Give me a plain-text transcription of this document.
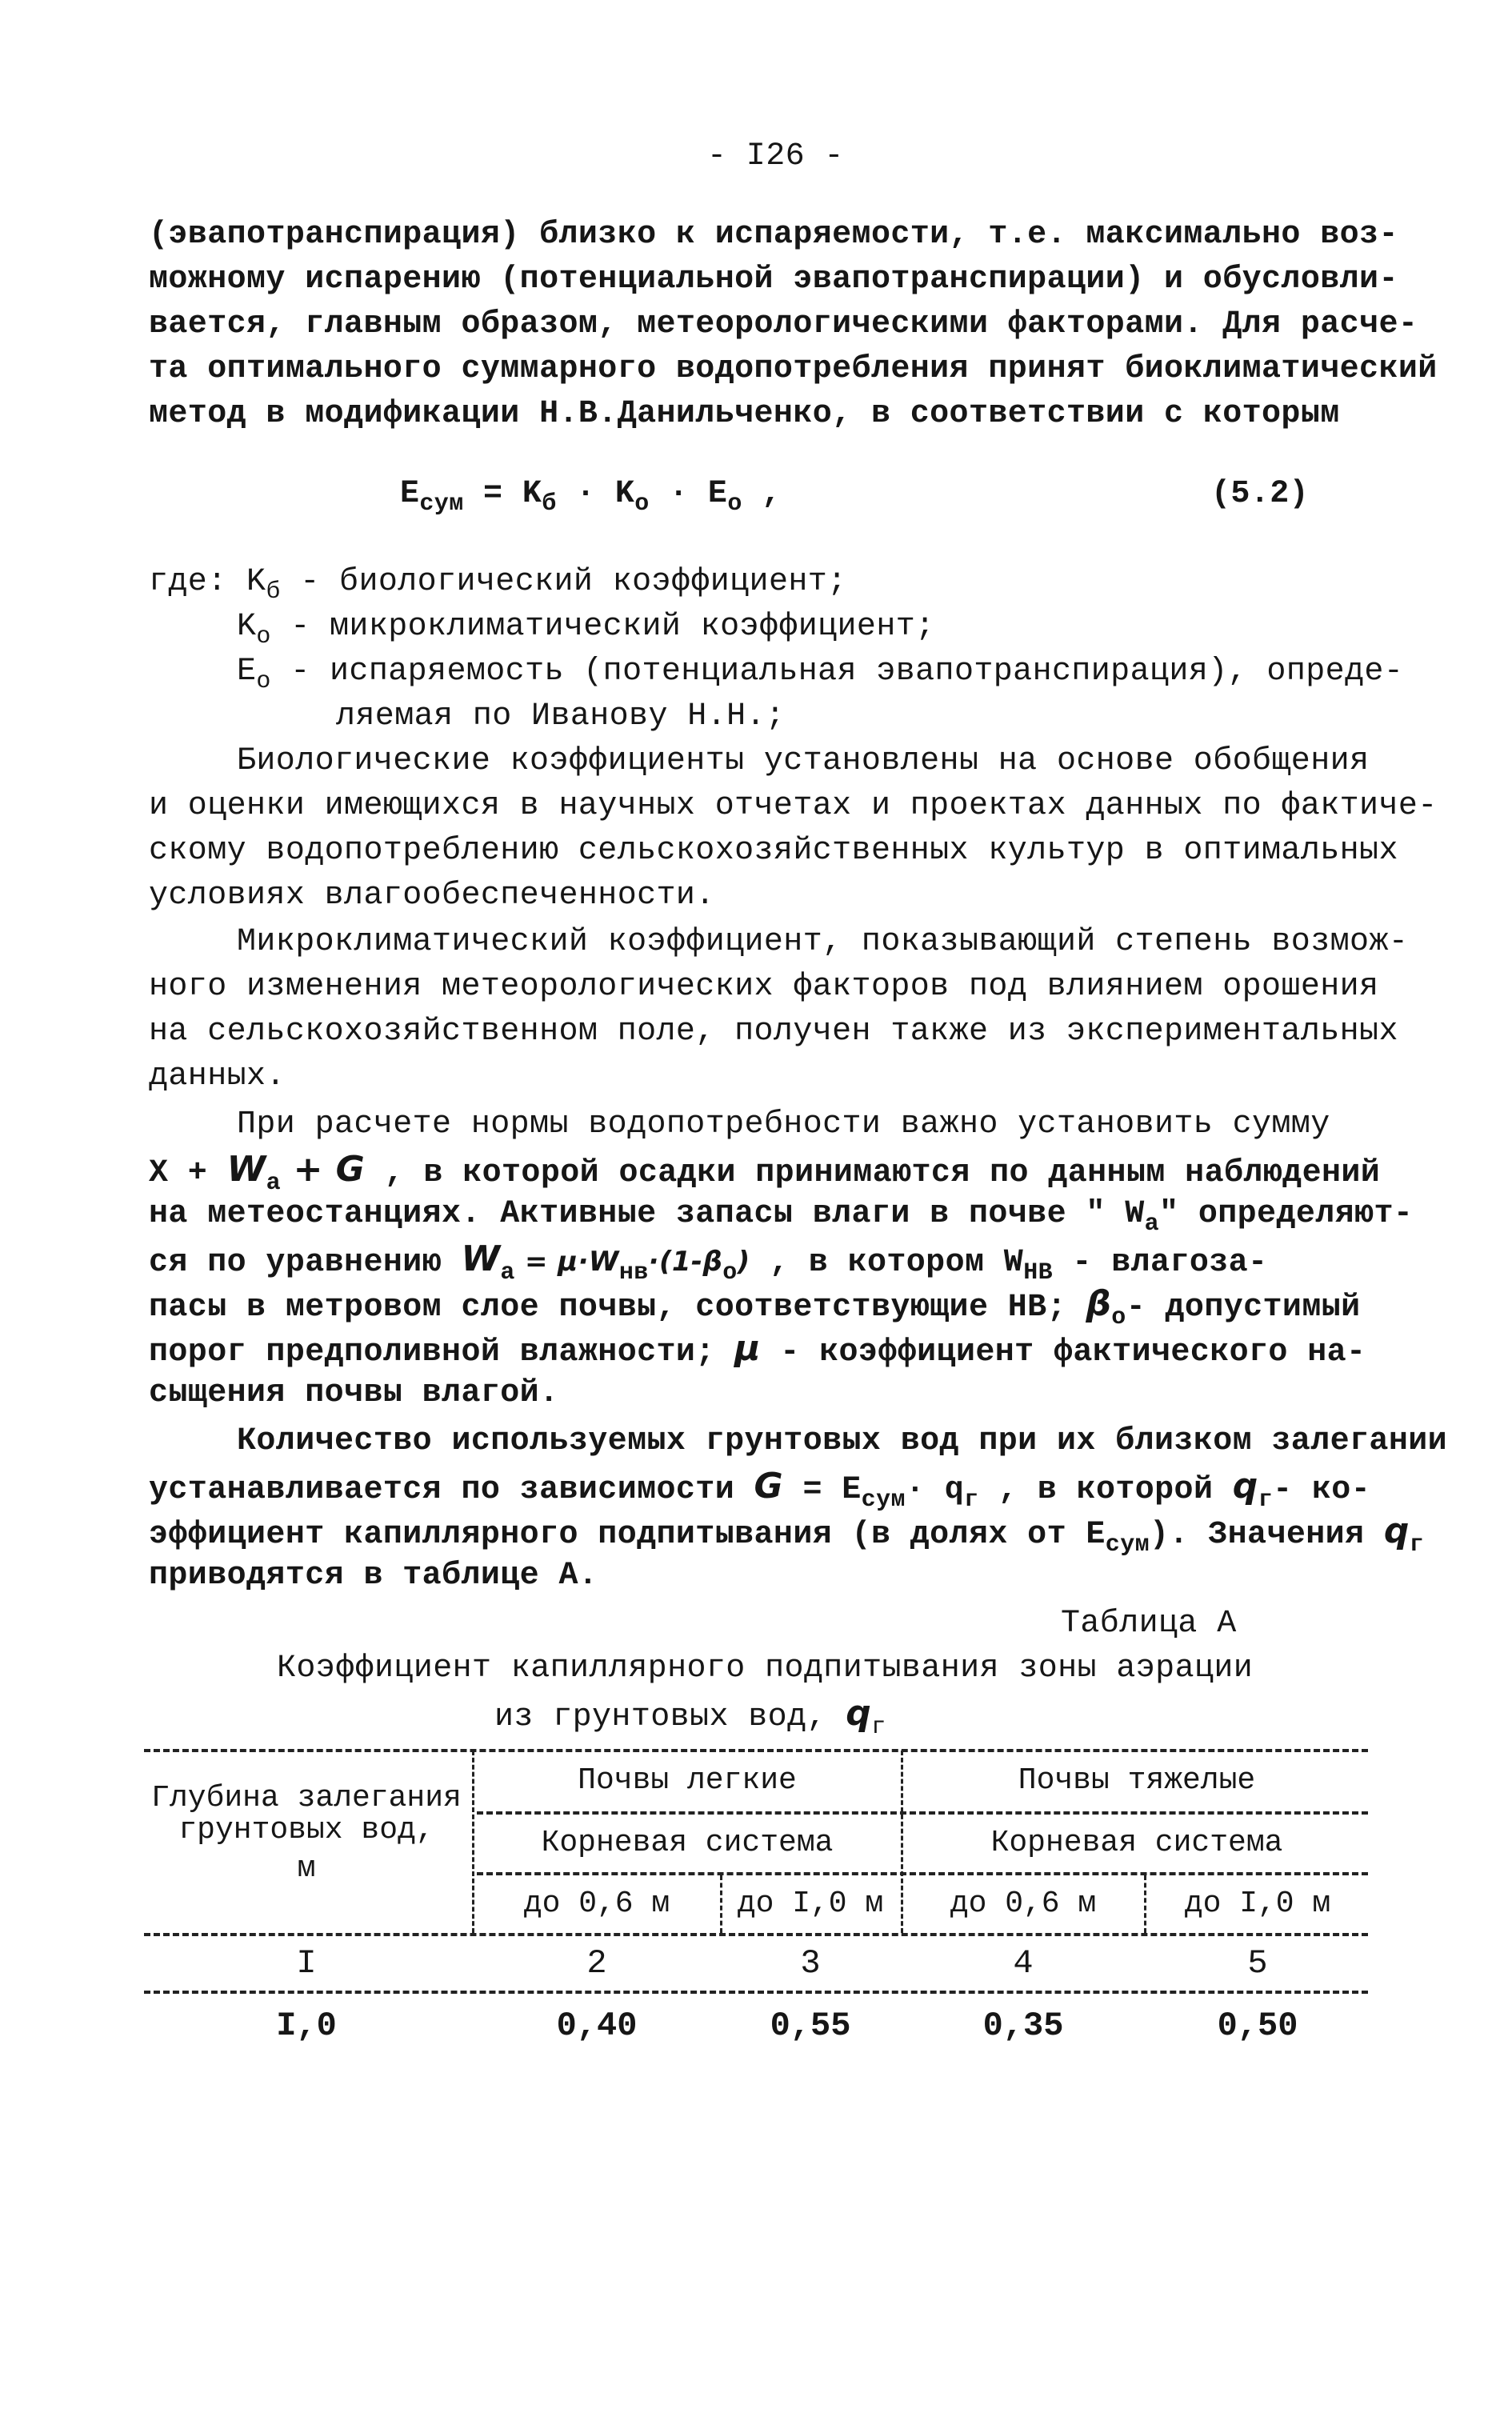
- I26 -
(эвапотранспирация) близко к испаряемости, т.е. максимально воз-
можному испарению (потенциальной эвапотранспирации) и обусловли-
вается, главным образом, метеорологическими факторами. Для расче-
та оптимального суммарного водопотребления принят биоклиматический
метод в модификации Н.В.Данильченко, в соответствии с которым
$E_{сум} = K_б \cdot K_о \cdot E_о$ ,	(5.2)
где: $K_б$ - биологический коэффициент;
$K_о$ - микроклиматический коэффициент;
$E_о$ - испаряемость (потенциальная эвапотранспирация), опреде-
ляемая по Иванову Н.Н.;
Биологические коэффициенты установлены на основе обобщения
и оценки имеющихся в научных отчетах и проектах данных по фактиче-
скому водопотреблению сельскохозяйственных культур в оптимальных
условиях влагообеспеченности.
Микроклиматический коэффициент, показывающий степень возмож-
ного изменения метеорологических факторов под влиянием орошения
на сельскохозяйственном поле, получен также из экспериментальных
данных.
При расчете нормы водопотребности важно установить сумму
$X + W_а + G$ , в которой осадки принимаются по данным наблюдений
на метеостанциях. Активные запасы влаги в почве " $W_а$" определяют-
ся по уравнению $W_а = \mu\cdot W_{нв}\cdot(1-\beta_о)$ , в котором $W_{НВ}$ - влагоза-
пасы в метровом слое почвы, соответствующие НВ; $\beta_о-$ допустимый
порог предполивной влажности; μ - коэффициент фактического на-
сыщения почвы влагой.
Количество используемых грунтовых вод при их близком залегании
устанавливается по зависимости $G = E_{сум}\cdot q_г$ , в которой $q_г-$ ко-
эффициент капиллярного подпитывания (в долях от $E_{сум}$). Значения $q_г$
приводятся в таблице А.
Таблица А
Коэффициент капиллярного подпитывания зоны аэрации
из грунтовых вод, $q_г$
Глубина залегания
грунтовых вод,
м
Почвы легкие	Почвы тяжелые
Корневая система	Корневая система
до 0,6 м	до I,0 м	до 0,6 м	до I,0 м
I	2	3	4	5
I,0	0,40	0,55	0,35	0,50
